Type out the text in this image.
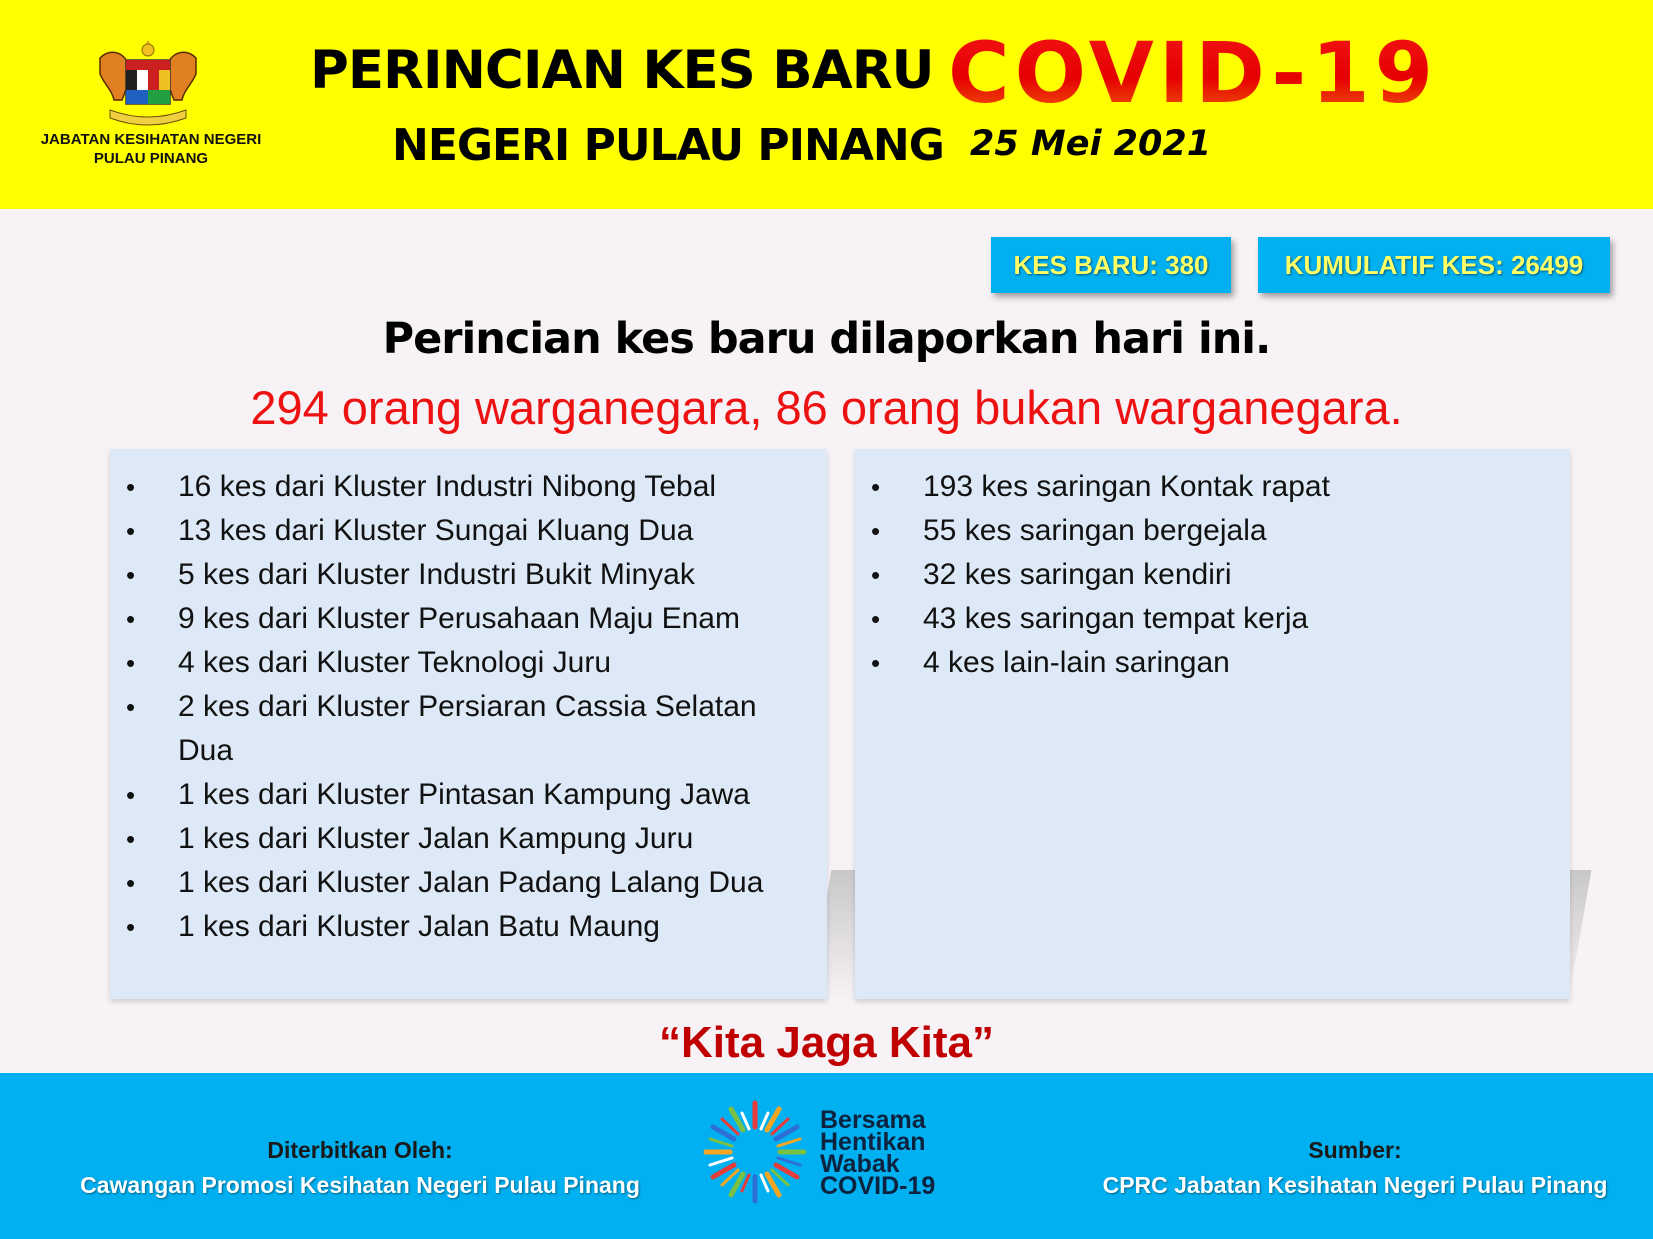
JABATAN KESIHATAN NEGERI PULAU PINANG
PERINCIAN KES BARU COVID-19
NEGERI PULAU PINANG 25 Mei 2021
KES BARU: 380	KUMULATIF KES: 26499
Perincian kes baru dilaporkan hari ini.
294 orang warganegara, 86 orang bukan warganegara.
• 16 kes dari Kluster Industri Nibong Tebal
• 13 kes dari Kluster Sungai Kluang Dua
• 5 kes dari Kluster Industri Bukit Minyak
• 9 kes dari Kluster Perusahaan Maju Enam
• 4 kes dari Kluster Teknologi Juru
• 2 kes dari Kluster Persiaran Cassia Selatan Dua
• 1 kes dari Kluster Pintasan Kampung Jawa
• 1 kes dari Kluster Jalan Kampung Juru
• 1 kes dari Kluster Jalan Padang Lalang Dua
• 1 kes dari Kluster Jalan Batu Maung
• 193 kes saringan Kontak rapat
• 55 kes saringan bergejala
• 32 kes saringan kendiri
• 43 kes saringan tempat kerja
• 4 kes lain-lain saringan
“Kita Jaga Kita”
Diterbitkan Oleh:
Cawangan Promosi Kesihatan Negeri Pulau Pinang
Bersama
Hentikan
Wabak
COVID-19
Sumber:
CPRC Jabatan Kesihatan Negeri Pulau Pinang
